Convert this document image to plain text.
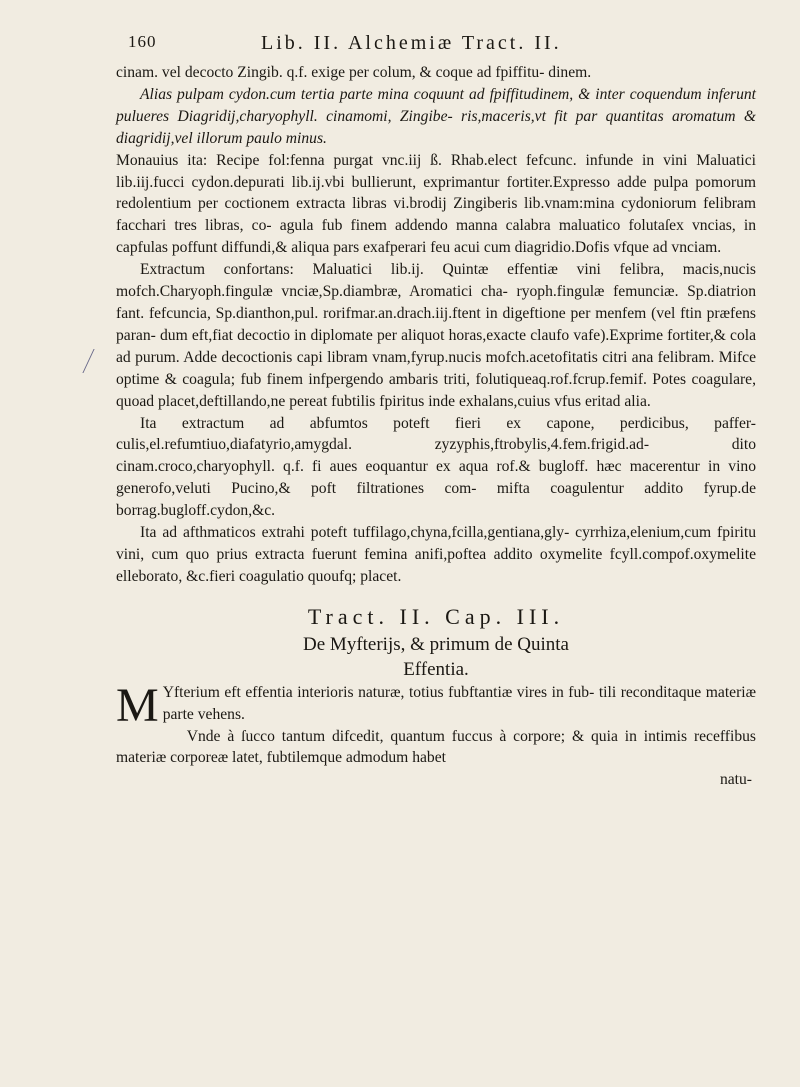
160	Lib. II. Alchemiæ Tract. II.

cinam. vel decocto Zingib. q.f. exige per colum, & coque ad fpiffitu- dinem.

Alias pulpam cydon.cum tertia parte mina coquunt ad fpiffitudinem, & inter coquendum inferunt pulueres Diagridij,charyophyll. cinamomi, Zingibe- ris,maceris,vt fit par quantitas aromatum & diagridij,vel illorum paulo minus.

Monauius ita: Recipe fol:fenna purgat vnc.iij ß. Rhab.elect fefcunc. infunde in vini Maluatici lib.iij.fucci cydon.depurati lib.ij.vbi bullierunt, exprimantur fortiter.Expresso adde pulpa pomorum redolentium per coctionem extracta libras vi.brodij Zingiberis lib.vnam:mina cydoniorum felibram facchari tres libras, co- agula fub finem addendo manna calabra maluatico folutaſex vncias, in capfulas poffunt diffundi,& aliqua pars exafperari feu acui cum diagridio.Dofis vfque ad vnciam.

Extractum confortans: Maluatici lib.ij. Quintæ effentiæ vini felibra, macis,nucis mofch.Charyoph.fingulæ vnciæ,Sp.diambræ, Aromatici cha- ryoph.fingulæ femunciæ. Sp.diatrion fant. fefcuncia, Sp.dianthon,pul. rorifmar.an.drach.iij.ftent in digeftione per menfem (vel ftin præfens paran- dum eft,fiat decoctio in diplomate per aliquot horas,exacte claufo vafe).Exprime fortiter,& cola ad purum. Adde decoctionis capi libram vnam,fyrup.nucis mofch.acetofitatis citri ana felibram. Mifce optime & coagula; fub finem infpergendo ambaris triti, folutiqueaq.rof.fcrup.femif. Potes coagulare, quoad placet,deftillando,ne pereat fubtilis fpiritus inde exhalans,cuius vfus eritad alia.

Ita extractum ad abfumtos poteft fieri ex capone, perdicibus, paffer- culis,el.refumtiuo,diafatyrio,amygdal. zyzyphis,ftrobylis,4.fem.frigid.ad- dito cinam.croco,charyophyll. q.f. fi aues eoquantur ex aqua rof.& bugloff. hæc macerentur in vino generofo,veluti Pucino,& poft filtrationes com- mifta coagulentur addito fyrup.de borrag.bugloff.cydon,&c.

Ita ad afthmaticos extrahi poteft tuffilago,chyna,fcilla,gentiana,gly- cyrrhiza,elenium,cum fpiritu vini, cum quo prius extracta fuerunt femina anifi,poftea addito oxymelite fcyll.compof.oxymelite elleborato, &c.fieri coagulatio quoufq; placet.

Tract. II. Cap. III.
De Myfterijs, & primum de Quinta
Effentia.

M Yfterium eft effentia interioris naturæ, totius fubftantiæ vires in fub- tili reconditaque materiæ parte vehens.

Vnde à ſucco tantum difcedit, quantum fuccus à corpore; & quia in intimis receffibus materiæ corporeæ latet, fubtilemque admodum habet

natu-
